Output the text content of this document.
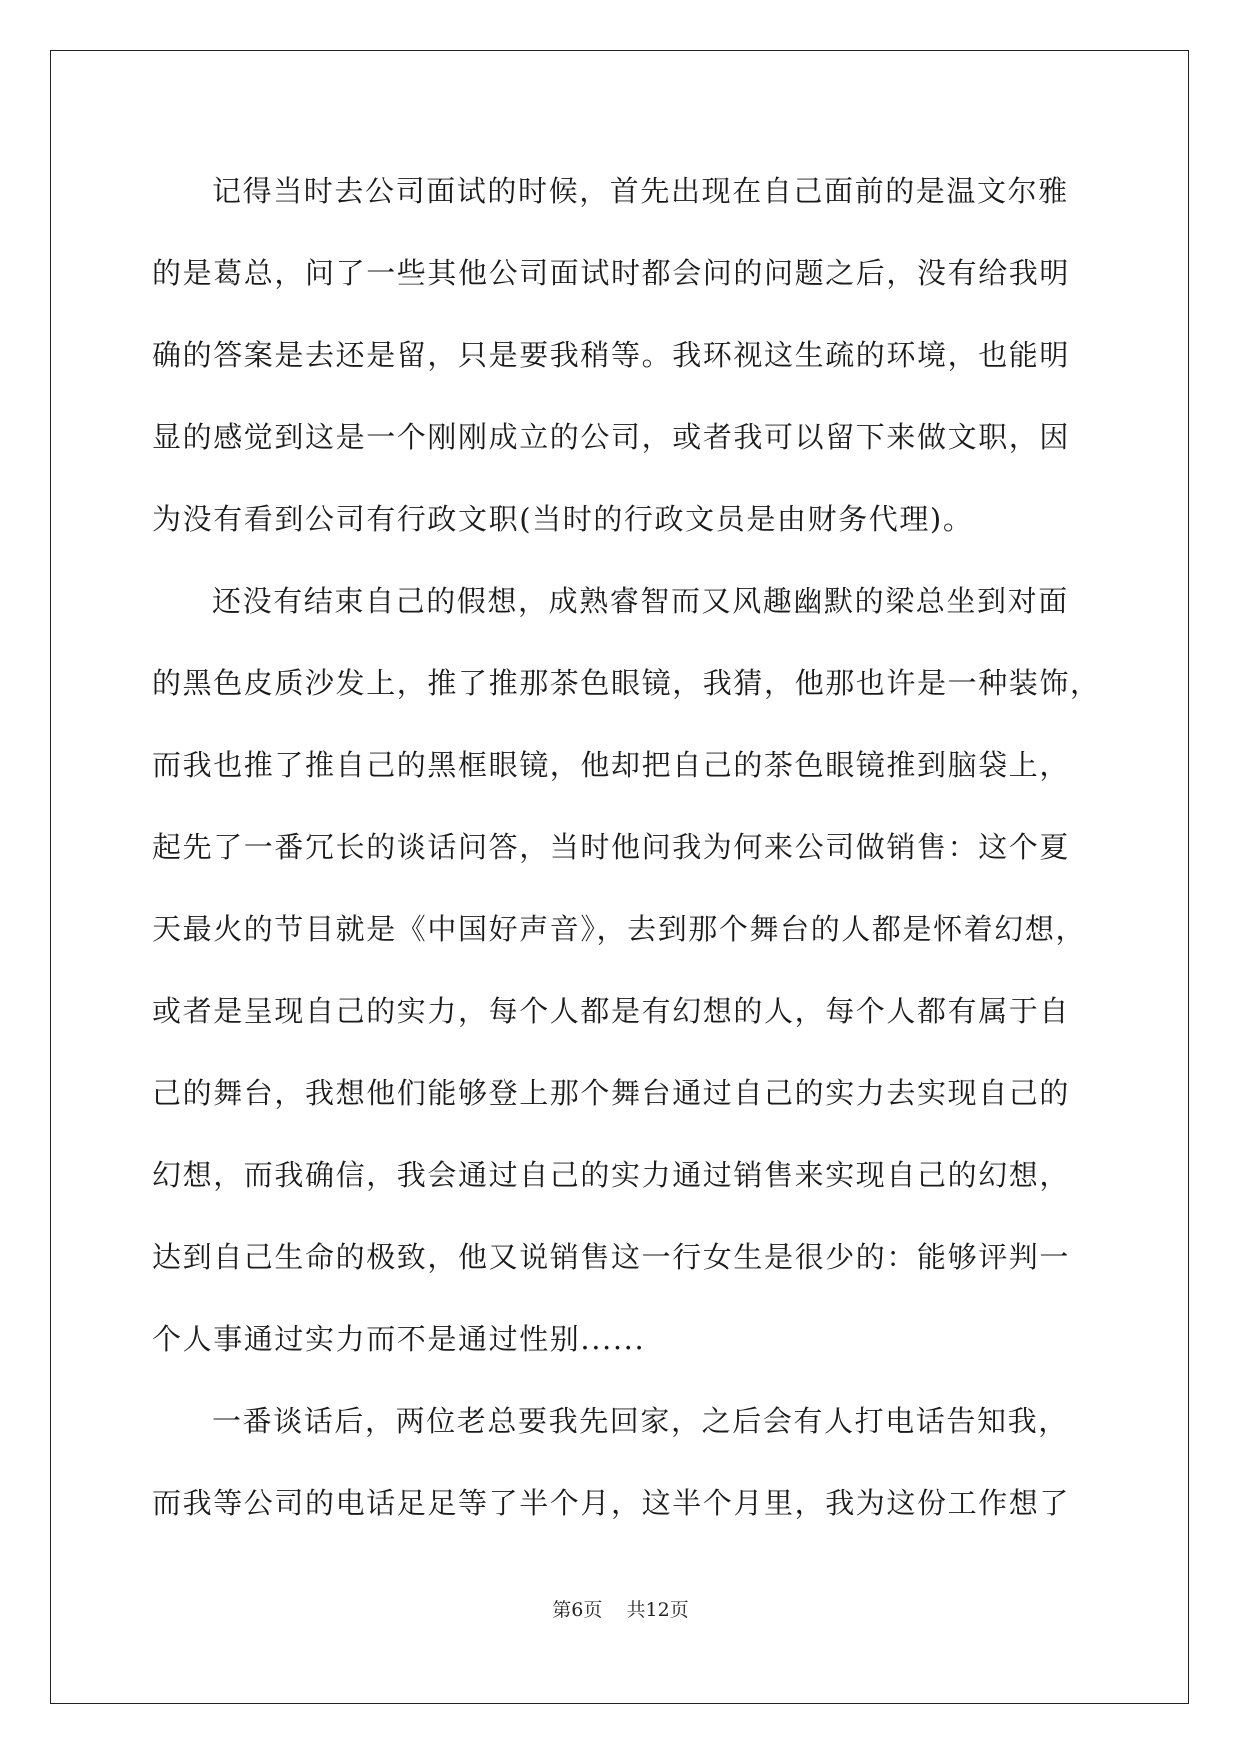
记得当时去公司面试的时候，首先出现在自己面前的是温文尔雅
的是葛总，问了一些其他公司面试时都会问的问题之后，没有给我明
确的答案是去还是留，只是要我稍等。我环视这生疏的环境，也能明
显的感觉到这是一个刚刚成立的公司，或者我可以留下来做文职，因
为没有看到公司有行政文职(当时的行政文员是由财务代理)。
还没有结束自己的假想，成熟睿智而又风趣幽默的梁总坐到对面
的黑色皮质沙发上，推了推那茶色眼镜，我猜，他那也许是一种装饰，
而我也推了推自己的黑框眼镜，他却把自己的茶色眼镜推到脑袋上，
起先了一番冗长的谈话问答，当时他问我为何来公司做销售：这个夏
天最火的节目就是《中国好声音》，去到那个舞台的人都是怀着幻想，
或者是呈现自己的实力，每个人都是有幻想的人，每个人都有属于自
己的舞台，我想他们能够登上那个舞台通过自己的实力去实现自己的
幻想，而我确信，我会通过自己的实力通过销售来实现自己的幻想，
达到自己生命的极致，他又说销售这一行女生是很少的：能够评判一
个人事通过实力而不是通过性别......
一番谈话后，两位老总要我先回家，之后会有人打电话告知我，
而我等公司的电话足足等了半个月，这半个月里，我为这份工作想了
第6页 共12页
